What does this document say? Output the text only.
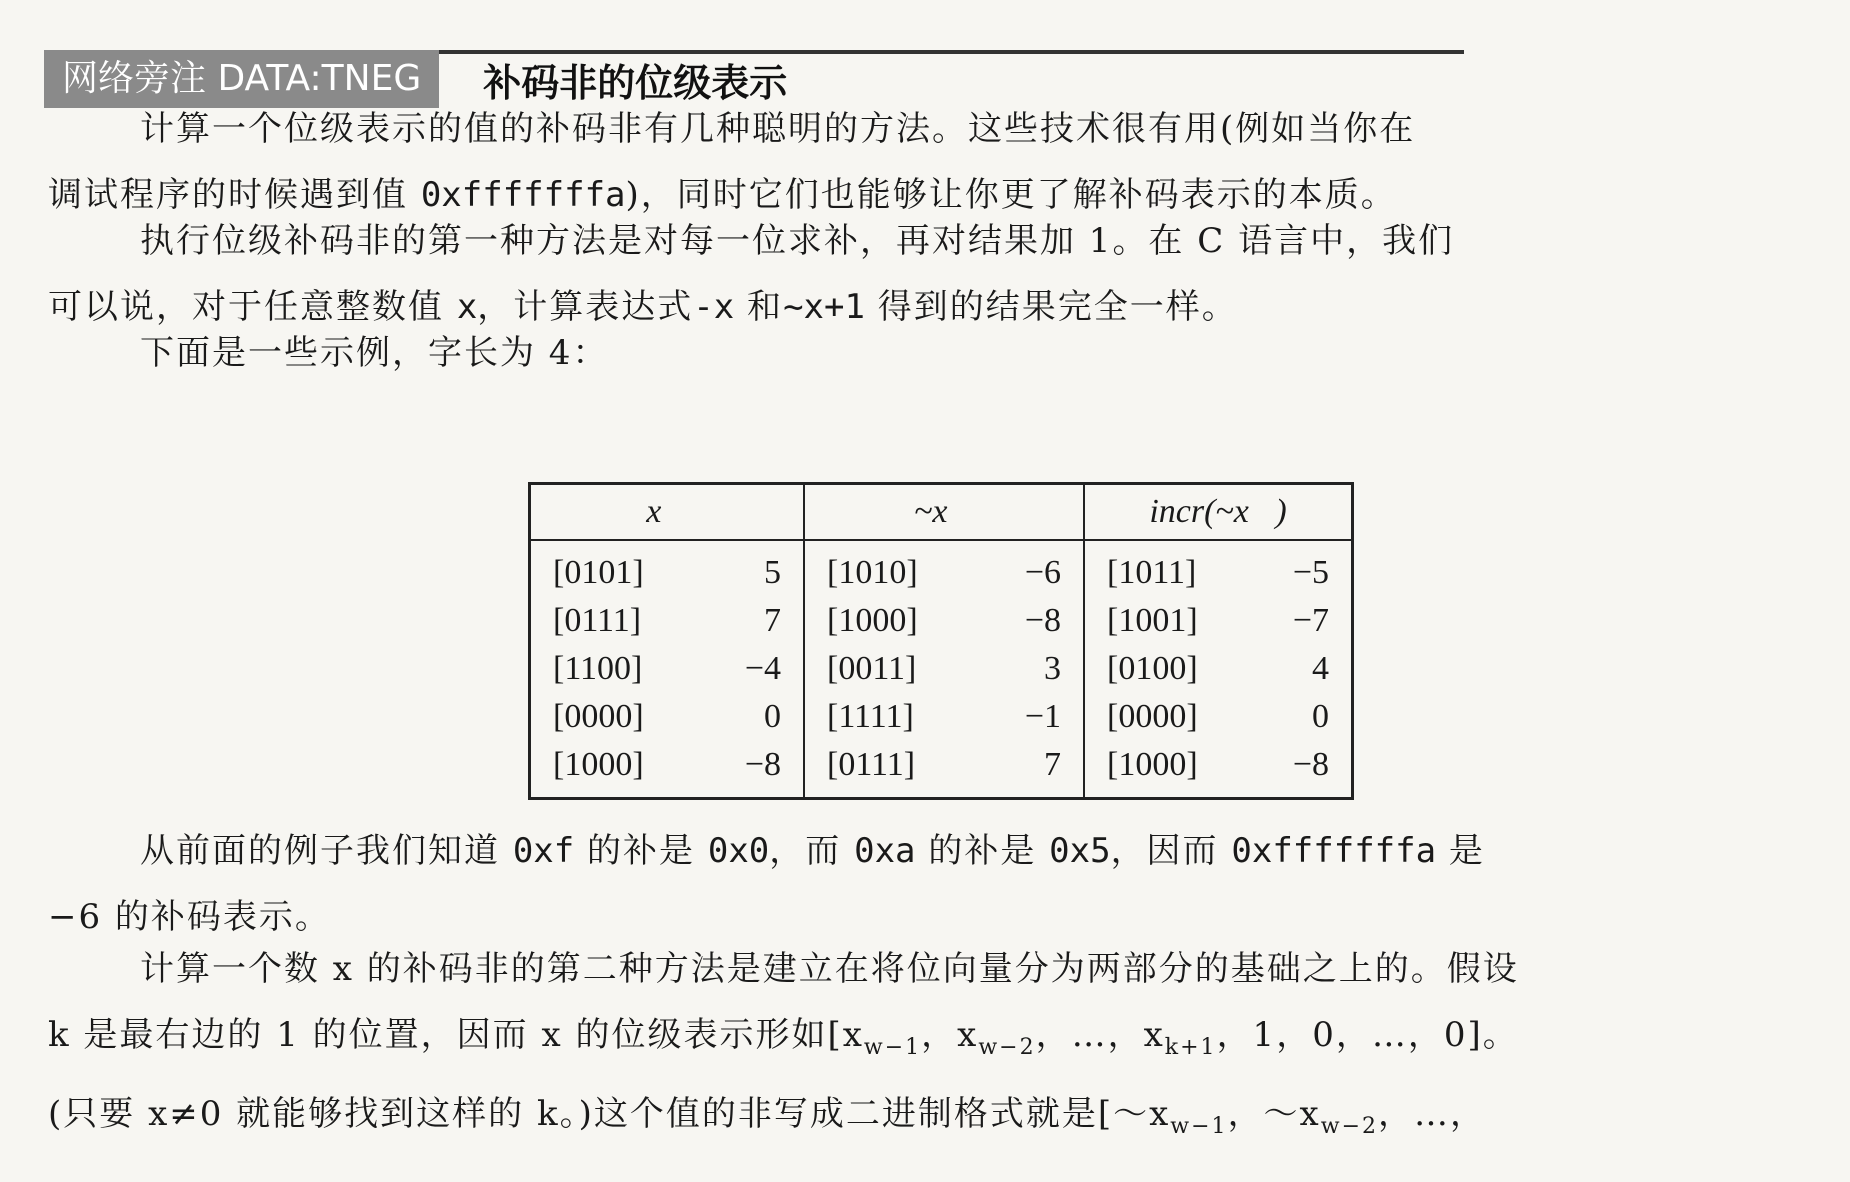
网络旁注 DATA:TNEG	补码非的位级表示
计算一个位级表示的值的补码非有几种聪明的方法。这些技术很有用(例如当你在
调试程序的时候遇到值 0xfffffffa)，同时它们也能够让你更了解补码表示的本质。
执行位级补码非的第一种方法是对每一位求补，再对结果加 1。在 C 语言中，我们
可以说，对于任意整数值 x，计算表达式-x 和~x+1 得到的结果完全一样。
下面是一些示例，字长为 4：
x⃗		~x⃗		incr(~x⃗)	
[0101]	5	[1010]	−6	[1011]	−5
[0111]	7	[1000]	−8	[1001]	−7
[1100]	−4	[0011]	3	[0100]	4
[0000]	0	[1111]	−1	[0000]	0
[1000]	−8	[0111]	7	[1000]	−8
从前面的例子我们知道 0xf 的补是 0x0，而 0xa 的补是 0x5，因而 0xfffffffa 是
−6 的补码表示。
计算一个数 x 的补码非的第二种方法是建立在将位向量分为两部分的基础之上的。假设
k 是最右边的 1 的位置，因而 x 的位级表示形如[$x_{w-1}$，$x_{w-2}$，…，$x_{k+1}$，1，0，…，0]。
(只要 x≠0 就能够找到这样的 k。)这个值的非写成二进制格式就是[$\sim x_{w-1}$，$\sim x_{w-2}$，…，
